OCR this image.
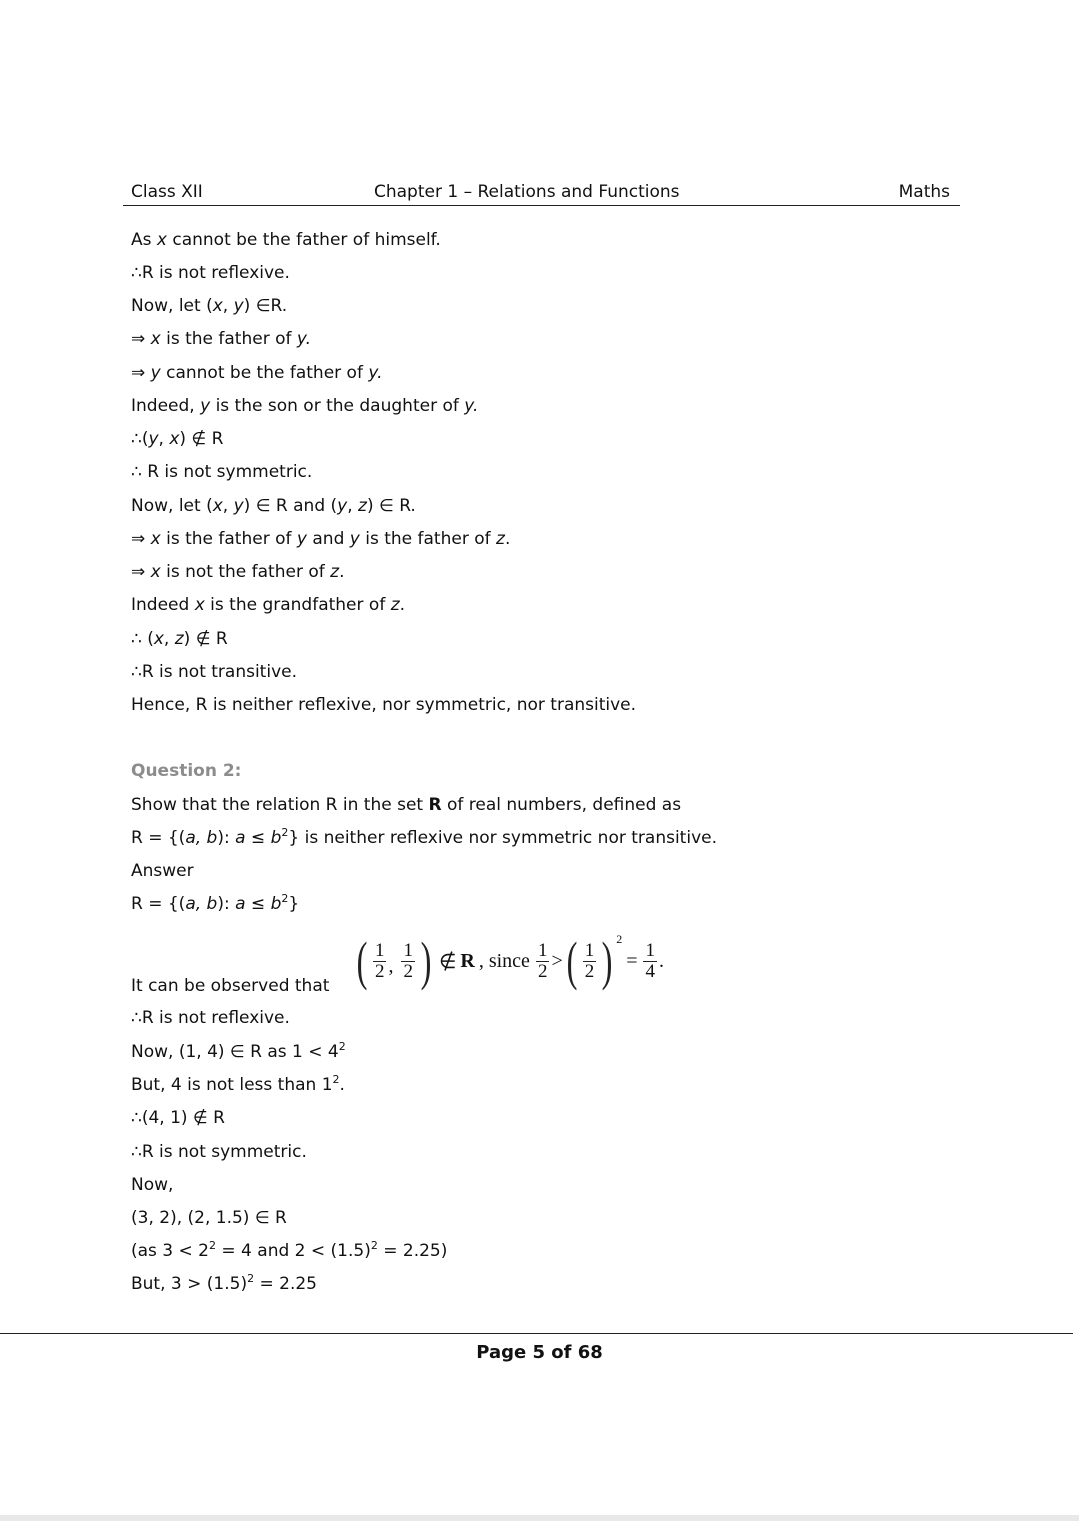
Class XII	Chapter 1 – Relations and Functions	Maths
As x cannot be the father of himself.
∴R is not reflexive.
Now, let (x, y) ∈R.
⇒ x is the father of y.
⇒ y cannot be the father of y.
Indeed, y is the son or the daughter of y.
∴(y, x) ∉ R
∴ R is not symmetric.
Now, let (x, y) ∈ R and (y, z) ∈ R.
⇒ x is the father of y and y is the father of z.
⇒ x is not the father of z.
Indeed x is the grandfather of z.
∴ (x, z) ∉ R
∴R is not transitive.
Hence, R is neither reflexive, nor symmetric, nor transitive.
Question 2:
Show that the relation R in the set R of real numbers, defined as
R = {(a, b): $a \le b^2$} is neither reflexive nor symmetric nor transitive.
Answer
R = {(a, b): $a \le b^2$}
It can be observed that ( $\frac{1}{2}$ , $\frac{1}{2}$ ) ∉ R , since $\frac{1}{2}$ > ( $\frac{1}{2}$ ) 2
= $\frac{1}{4}$ .
∴R is not reflexive.
Now, (1, 4) ∈ R as $1 < 4^2$
But, 4 is not less than $1^2$.
∴(4, 1) ∉ R
∴R is not symmetric.
Now,
(3, 2), (2, 1.5) ∈ R
(as $3 < 2^2 = 4$ and $2 < (1.5)^2 = 2.25$)
But, $3 > (1.5)^2 = 2.25$
Page 5 of 68
